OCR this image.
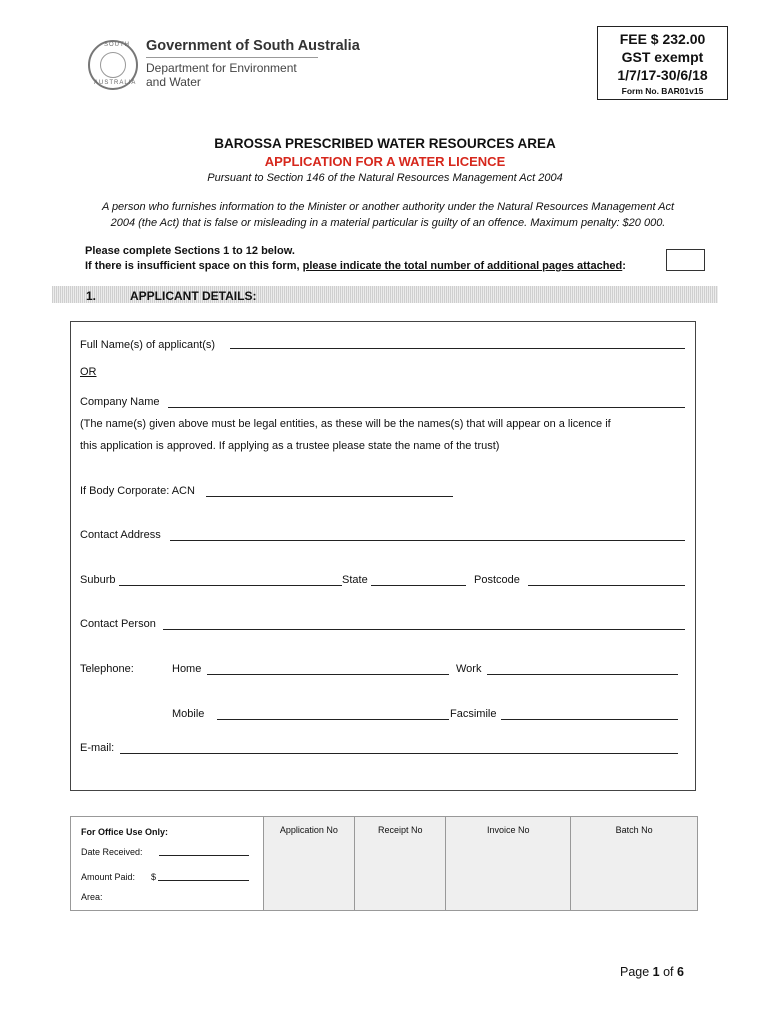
SOUTH
AUSTRALIA
Government of South Australia
Department for Environment
and Water
FEE $ 232.00
GST exempt
1/7/17-30/6/18
Form No. BAR01v15
BAROSSA PRESCRIBED WATER RESOURCES AREA
APPLICATION FOR A WATER LICENCE
Pursuant to Section 146 of the Natural Resources Management Act 2004
A person who furnishes information to the Minister or another authority under the Natural Resources Management Act
2004 (the Act) that is false or misleading in a material particular is guilty of an offence. Maximum penalty: $20 000.
Please complete Sections 1 to 12 below.
If there is insufficient space on this form, please indicate the total number of additional pages attached:
1.	APPLICANT DETAILS:
Full Name(s) of applicant(s)
OR
Company Name
(The name(s) given above must be legal entities, as these will be the names(s) that will appear on a licence if
this application is approved. If applying as a trustee please state the name of the trust)
If Body Corporate: ACN
Contact Address
Suburb	State	Postcode
Contact Person
Telephone:	Home	Work
Mobile	Facsimile
E-mail:
For Office Use Only:
Date Received:
Amount Paid: $
Area:

Application No	Receipt No	Invoice No	Batch No
Page 1 of 6
